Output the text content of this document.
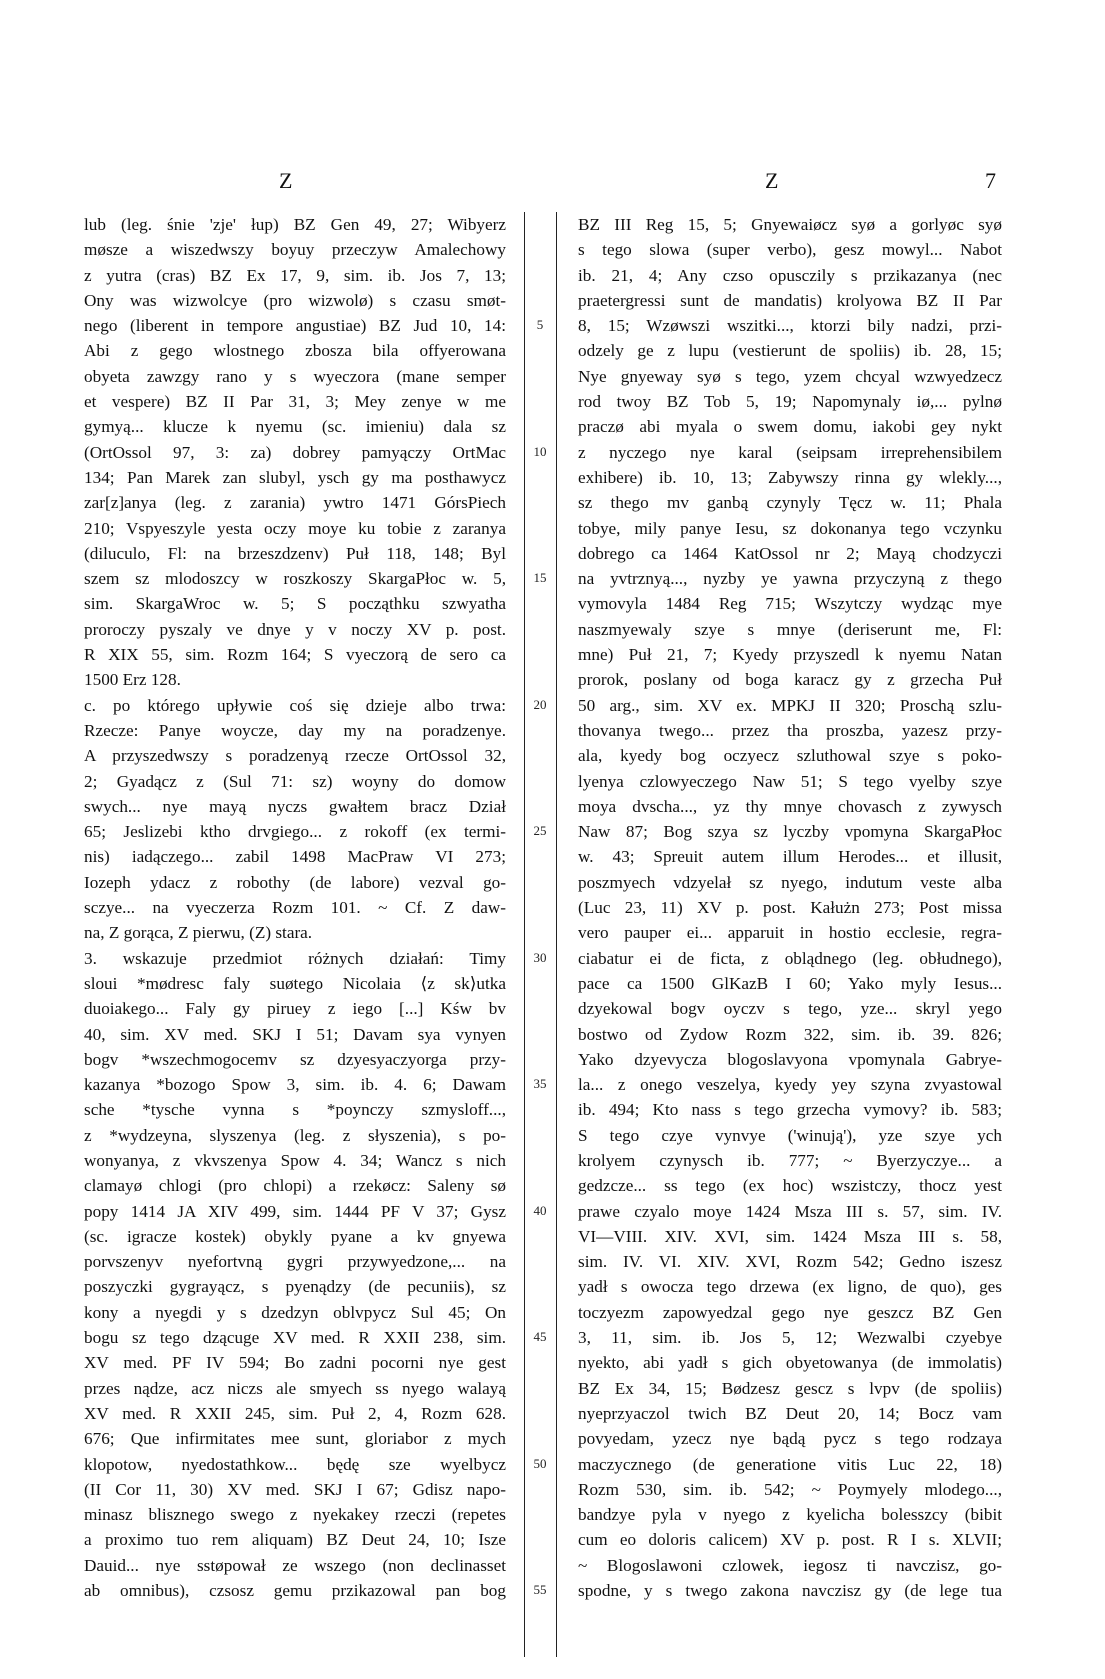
Z	Z	7
lub (leg. śnie 'zje' łup) BZ Gen 49, 27; Wibyerz
møsze a wiszedwszy boyuy przeczyw Amalechowy
z yutra (cras) BZ Ex 17, 9, sim. ib. Jos 7, 13;
Ony was wizwolcye (pro wizwolø) s czasu smøt-
nego (liberent in tempore angustiae) BZ Jud 10, 14:
Abi z gego wlostnego zbosza bila offyerowana
obyeta zawzgy rano y s wyeczora (mane semper
et vespere) BZ II Par 31, 3; Mey zenye w me
gymyą... klucze k nyemu (sc. imieniu) dala sz
(OrtOssol 97, 3: za) dobrey pamyączy OrtMac
134; Pan Marek zan slubyl, ysch gy ma posthawycz
zar[z]anya (leg. z zarania) ywtro 1471 GórsPiech
210; Vspyeszyle yesta oczy moye ku tobie z zaranya
(diluculo, Fl: na brzeszdzenv) Puł 118, 148; Byl
szem sz mlodoszcy w roszkoszy SkargaPłoc w. 5,
sim. SkargaWroc w. 5; S począthku szwyatha
proroczy pyszaly ve dnye y v noczy XV p. post.
R XIX 55, sim. Rozm 164; S vyeczorą de sero ca
1500 Erz 128.
c. po którego upływie coś się dzieje albo trwa:
Rzecze: Panye woycze, day my na poradzenye.
A przyszedwszy s poradzenyą rzecze OrtOssol 32,
2; Gyadącz z (Sul 71: sz) woyny do domow
swych... nye mayą nyczs gwałtem bracz Dział
65; Jeslizebi ktho drvgiego... z rokoff (ex termi-
nis) iadączego... zabil 1498 MacPraw VI 273;
Iozeph ydacz z robothy (de labore) vezval go-
sczye... na vyeczerza Rozm 101. ~ Cf. Z daw-
na, Z gorąca, Z pierwu, (Z) stara.
3. wskazuje przedmiot różnych działań: Timy
sloui *mødresc faly suøtego Nicolaia ⟨z sk⟩utka
duoiakego... Faly gy piruey z iego [...] Kśw bv
40, sim. XV med. SKJ I 51; Davam sya vynyen
bogv *wszechmogocemv sz dzyesyaczyorga przy-
kazanya *bozogo Spow 3, sim. ib. 4. 6; Dawam
sche *tysche vynna s *poynczy szmysloff...,
z *wydzeyna, slyszenya (leg. z słyszenia), s po-
wonyanya, z vkvszenya Spow 4. 34; Wancz s nich
clamayø chlogi (pro chlopi) a rzekøcz: Saleny sø
popy 1414 JA XIV 499, sim. 1444 PF V 37; Gysz
(sc. igracze kostek) obykly pyane a kv gnyewa
porvszenyv nyefortvną gygri przywyedzone,... na
poszyczki gygrayącz, s pyenądzy (de pecuniis), sz
kony a nyegdi y s dzedzyn oblvpycz Sul 45; On
bogu sz tego dzącuge XV med. R XXII 238, sim.
XV med. PF IV 594; Bo zadni pocorni nye gest
przes nądze, acz niczs ale smyech ss nyego walayą
XV med. R XXII 245, sim. Puł 2, 4, Rozm 628.
676; Que infirmitates mee sunt, gloriabor z mych
klopotow, nyedostathkow... będę sze wyelbycz
(II Cor 11, 30) XV med. SKJ I 67; Gdisz napo-
minasz blisznego swego z nyekakey rzeczi (repetes
a proximo tuo rem aliquam) BZ Deut 24, 10; Isze
Dauid... nye sstøpował ze wszego (non declinasset
ab omnibus), czsosz gemu przikazowal pan bog
5
10
15
20
25
30
35
40
45
50
55
BZ III Reg 15, 5; Gnyewaiøcz syø a gorlyøc syø
s tego slowa (super verbo), gesz mowyl... Nabot
ib. 21, 4; Any czso opusczily s przikazanya (nec
praetergressi sunt de mandatis) krolyowa BZ II Par
8, 15; Wzøwszi wszitki..., ktorzi bily nadzi, przi-
odzely ge z lupu (vestierunt de spoliis) ib. 28, 15;
Nye gnyeway syø s tego, yzem chcyal wzwyedzecz
rod twoy BZ Tob 5, 19; Napomynaly iø,... pylnø
praczø abi myala o swem domu, iakobi gey nykt
z nyczego nye karal (seipsam irreprehensibilem
exhibere) ib. 10, 13; Zabywszy rinna gy wlekly...,
sz thego mv ganbą czynyly Tęcz w. 11; Phala
tobye, mily panye Iesu, sz dokonanya tego vczynku
dobrego ca 1464 KatOssol nr 2; Mayą chodzyczi
na yvtrznyą..., nyzby ye yawna przyczyną z thego
vymovyla 1484 Reg 715; Wszytczy wydząc mye
naszmyewaly szye s mnye (deriserunt me, Fl:
mne) Puł 21, 7; Kyedy przyszedl k nyemu Natan
prorok, poslany od boga karacz gy z grzecha Puł
50 arg., sim. XV ex. MPKJ II 320; Proschą szlu-
thovanya twego... przez tha proszba, yazesz przy-
ala, kyedy bog oczyecz szluthowal szye s poko-
lyenya czlowyeczego Naw 51; S tego vyelby szye
moya dvscha..., yz thy mnye chovasch z zywysch
Naw 87; Bog szya sz lyczby vpomyna SkargaPłoc
w. 43; Spreuit autem illum Herodes... et illusit,
poszmyech vdzyelał sz nyego, indutum veste alba
(Luc 23, 11) XV p. post. Kałużn 273; Post missa
vero pauper ei... apparuit in hostio ecclesie, regra-
ciabatur ei de ficta, z oblądnego (leg. obłudnego),
pace ca 1500 GlKazB I 60; Yako myly Iesus...
dzyekowal bogv oyczv s tego, yze... skryl yego
bostwo od Zydow Rozm 322, sim. ib. 39. 826;
Yako dzyevycza blogoslavyona vpomynala Gabrye-
la... z onego veszelya, kyedy yey szyna zvyastowal
ib. 494; Kto nass s tego grzecha vymovy? ib. 583;
S tego czye vynvye ('winują'), yze szye ych
krolyem czynysch ib. 777; ~ Byerzyczye... a
gedzcze... ss tego (ex hoc) wszistczy, thocz yest
prawe czyalo moye 1424 Msza III s. 57, sim. IV.
VI—VIII. XIV. XVI, sim. 1424 Msza III s. 58,
sim. IV. VI. XIV. XVI, Rozm 542; Gedno iszesz
yadł s owocza tego drzewa (ex ligno, de quo), ges
toczyezm zapowyedzal gego nye geszcz BZ Gen
3, 11, sim. ib. Jos 5, 12; Wezwalbi czyebye
nyekto, abi yadł s gich obyetowanya (de immolatis)
BZ Ex 34, 15; Bødzesz gescz s lvpv (de spoliis)
nyeprzyaczol twich BZ Deut 20, 14; Bocz vam
povyedam, yzecz nye bądą pycz s tego rodzaya
maczycznego (de generatione vitis Luc 22, 18)
Rozm 530, sim. ib. 542; ~ Poymyely mlodego...,
bandzye pyla v nyego z kyelicha bolesszcy (bibit
cum eo doloris calicem) XV p. post. R I s. XLVII;
~ Blogoslawoni czlowek, iegosz ti navczisz, go-
spodne, y s twego zakona navczisz gy (de lege tua
